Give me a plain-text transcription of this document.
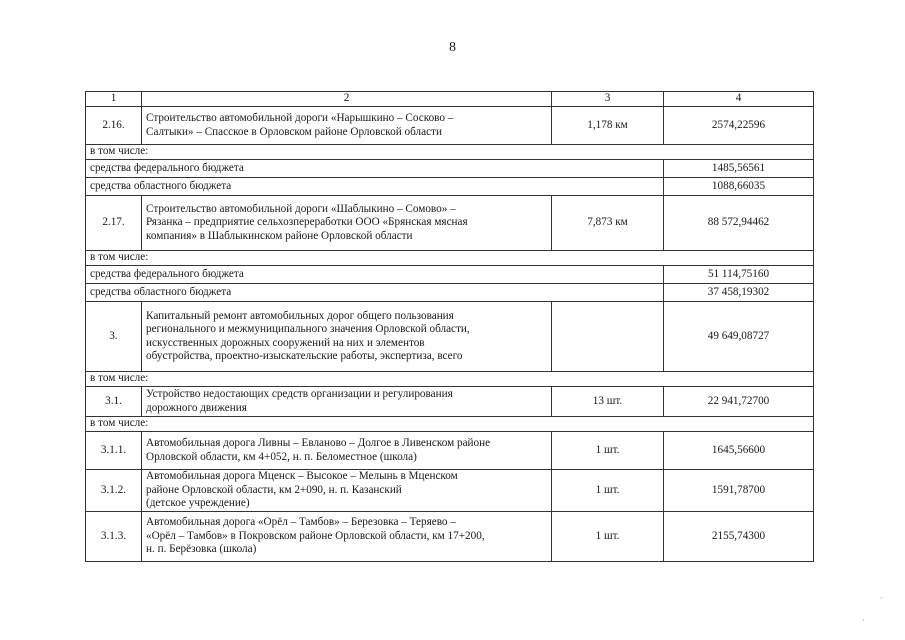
8
1	2	3	4
2.16.	Строительство автомобильной дороги «Нарышкино – Сосково –
Салтыки» – Спасское в Орловском районе Орловской области	1,178 км	2574,22596
в том числе:			
средства федерального бюджета			1485,56561
средства областного бюджета			1088,66035
2.17.	Строительство автомобильной дороги «Шаблыкино – Сомово» –
Рязанка – предприятие сельхозпереработки ООО «Брянская мясная
компания» в Шаблыкинском районе Орловской области	7,873 км	88 572,94462
в том числе:			
средства федерального бюджета			51 114,75160
средства областного бюджета			37 458,19302
3.	Капитальный ремонт автомобильных дорог общего пользования
регионального и межмуниципального значения Орловской области,
искусственных дорожных сооружений на них и элементов
обустройства, проектно-изыскательские работы, экспертиза, всего		49 649,08727
в том числе:			
3.1.	Устройство недостающих средств организации и регулирования
дорожного движения	13 шт.	22 941,72700
в том числе:			
3.1.1.	Автомобильная дорога Ливны – Евланово – Долгое в Ливенском районе
Орловской области, км 4+052, н. п. Беломестное (школа)	1 шт.	1645,56600
3.1.2.	Автомобильная дорога Мценск – Высокое – Мелынь в Мценском
районе Орловской области, км 2+090, н. п. Казанский
(детское учреждение)	1 шт.	1591,78700
3.1.3.	Автомобильная дорога «Орёл – Тамбов» – Березовка – Теряево –
«Орёл – Тамбов» в Покровском районе Орловской области, км 17+200,
н. п. Берёзовка (школа)	1 шт.	2155,74300
´
·
